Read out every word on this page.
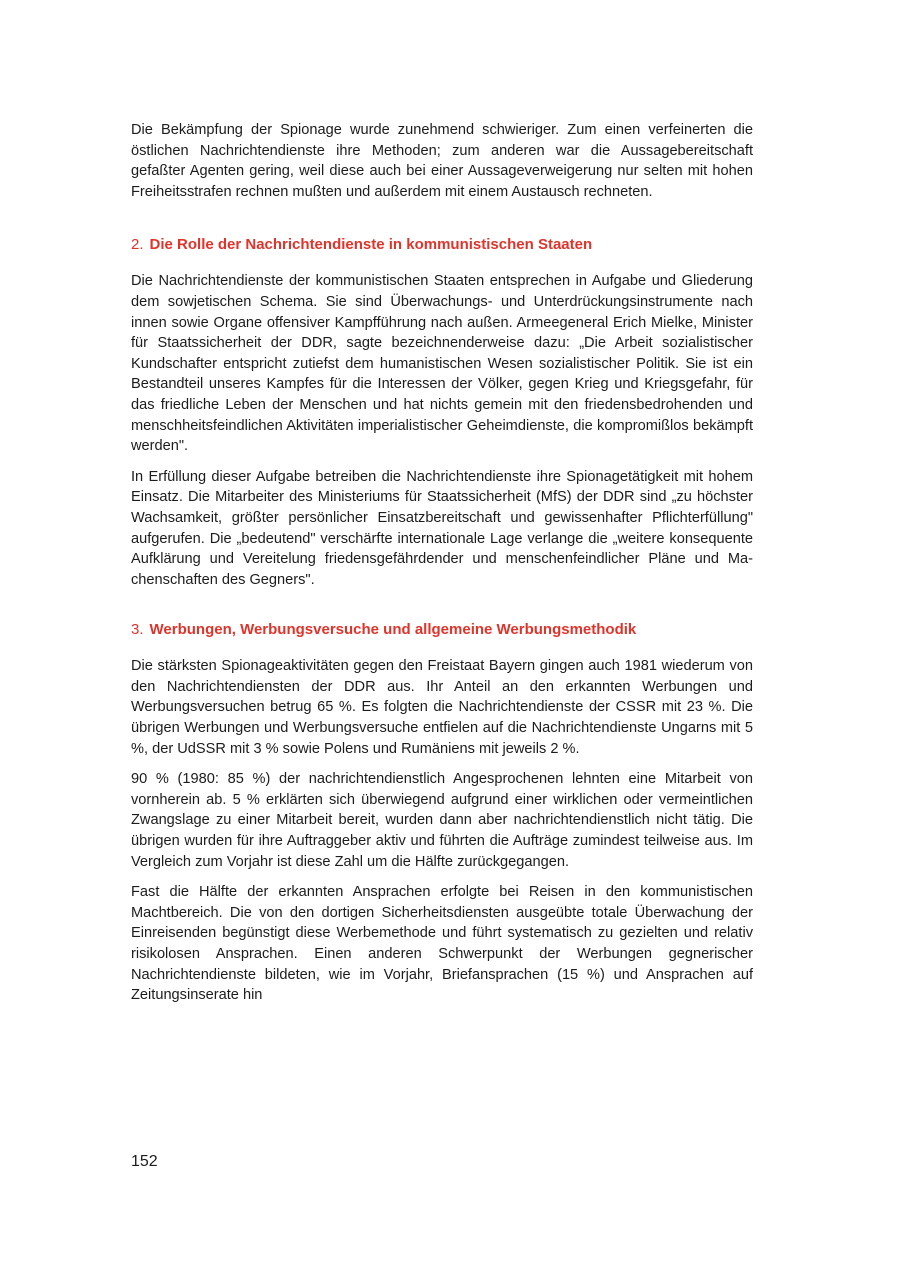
Die Bekämpfung der Spionage wurde zunehmend schwieriger. Zum einen verfeinerten die östlichen Nachrichtendienste ihre Methoden; zum anderen war die Aussagebereitschaft gefaßter Agenten gering, weil diese auch bei einer Aussageverweigerung nur selten mit hohen Freiheitsstrafen rechnen mußten und außerdem mit einem Austausch rechneten.

2. Die Rolle der Nachrichtendienste in kommunistischen Staaten

Die Nachrichtendienste der kommunistischen Staaten entsprechen in Aufgabe und Gliederung dem sowjetischen Schema. Sie sind Überwachungs- und Unterdrückungsinstrumente nach innen sowie Organe offensiver Kampfführung nach außen. Armeegeneral Erich Mielke, Minister für Staatssicherheit der DDR, sagte bezeichnenderweise dazu: „Die Arbeit sozialistischer Kundschafter entspricht zutiefst dem humanistischen Wesen sozialistischer Politik. Sie ist ein Bestandteil unseres Kampfes für die Interessen der Völker, gegen Krieg und Kriegsgefahr, für das friedliche Leben der Menschen und hat nichts gemein mit den friedensbedrohenden und menschheitsfeindlichen Aktivitäten imperialistischer Geheimdienste, die kompromißlos bekämpft werden".

In Erfüllung dieser Aufgabe betreiben die Nachrichtendienste ihre Spionagetätigkeit mit hohem Einsatz. Die Mitarbeiter des Ministeriums für Staatssicherheit (MfS) der DDR sind „zu höchster Wachsamkeit, größter persönlicher Einsatzbereitschaft und gewissenhafter Pflichterfüllung" aufgerufen. Die „bedeutend" verschärfte internationale Lage verlange die „weitere konsequente Aufklärung und Vereitelung friedensgefährdender und menschenfeindlicher Pläne und Machenschaften des Gegners".

3. Werbungen, Werbungsversuche und allgemeine Werbungsmethodik

Die stärksten Spionageaktivitäten gegen den Freistaat Bayern gingen auch 1981 wiederum von den Nachrichtendiensten der DDR aus. Ihr Anteil an den erkannten Werbungen und Werbungsversuchen betrug 65 %. Es folgten die Nachrichtendienste der CSSR mit 23 %. Die übrigen Werbungen und Werbungsversuche entfielen auf die Nachrichtendienste Ungarns mit 5 %, der UdSSR mit 3 % sowie Polens und Rumäniens mit jeweils 2 %.

90 % (1980: 85 %) der nachrichtendienstlich Angesprochenen lehnten eine Mitarbeit von vornherein ab. 5 % erklärten sich überwiegend aufgrund einer wirklichen oder vermeintlichen Zwangslage zu einer Mitarbeit bereit, wurden dann aber nachrichtendienstlich nicht tätig. Die übrigen wurden für ihre Auftraggeber aktiv und führten die Aufträge zumindest teilweise aus. Im Vergleich zum Vorjahr ist diese Zahl um die Hälfte zurückgegangen.

Fast die Hälfte der erkannten Ansprachen erfolgte bei Reisen in den kommunistischen Machtbereich. Die von den dortigen Sicherheitsdiensten ausgeübte totale Überwachung der Einreisenden begünstigt diese Werbemethode und führt systematisch zu gezielten und relativ risikolosen Ansprachen. Einen anderen Schwerpunkt der Werbungen gegnerischer Nachrichtendienste bildeten, wie im Vorjahr, Briefansprachen (15 %) und Ansprachen auf Zeitungsinserate hin

152
